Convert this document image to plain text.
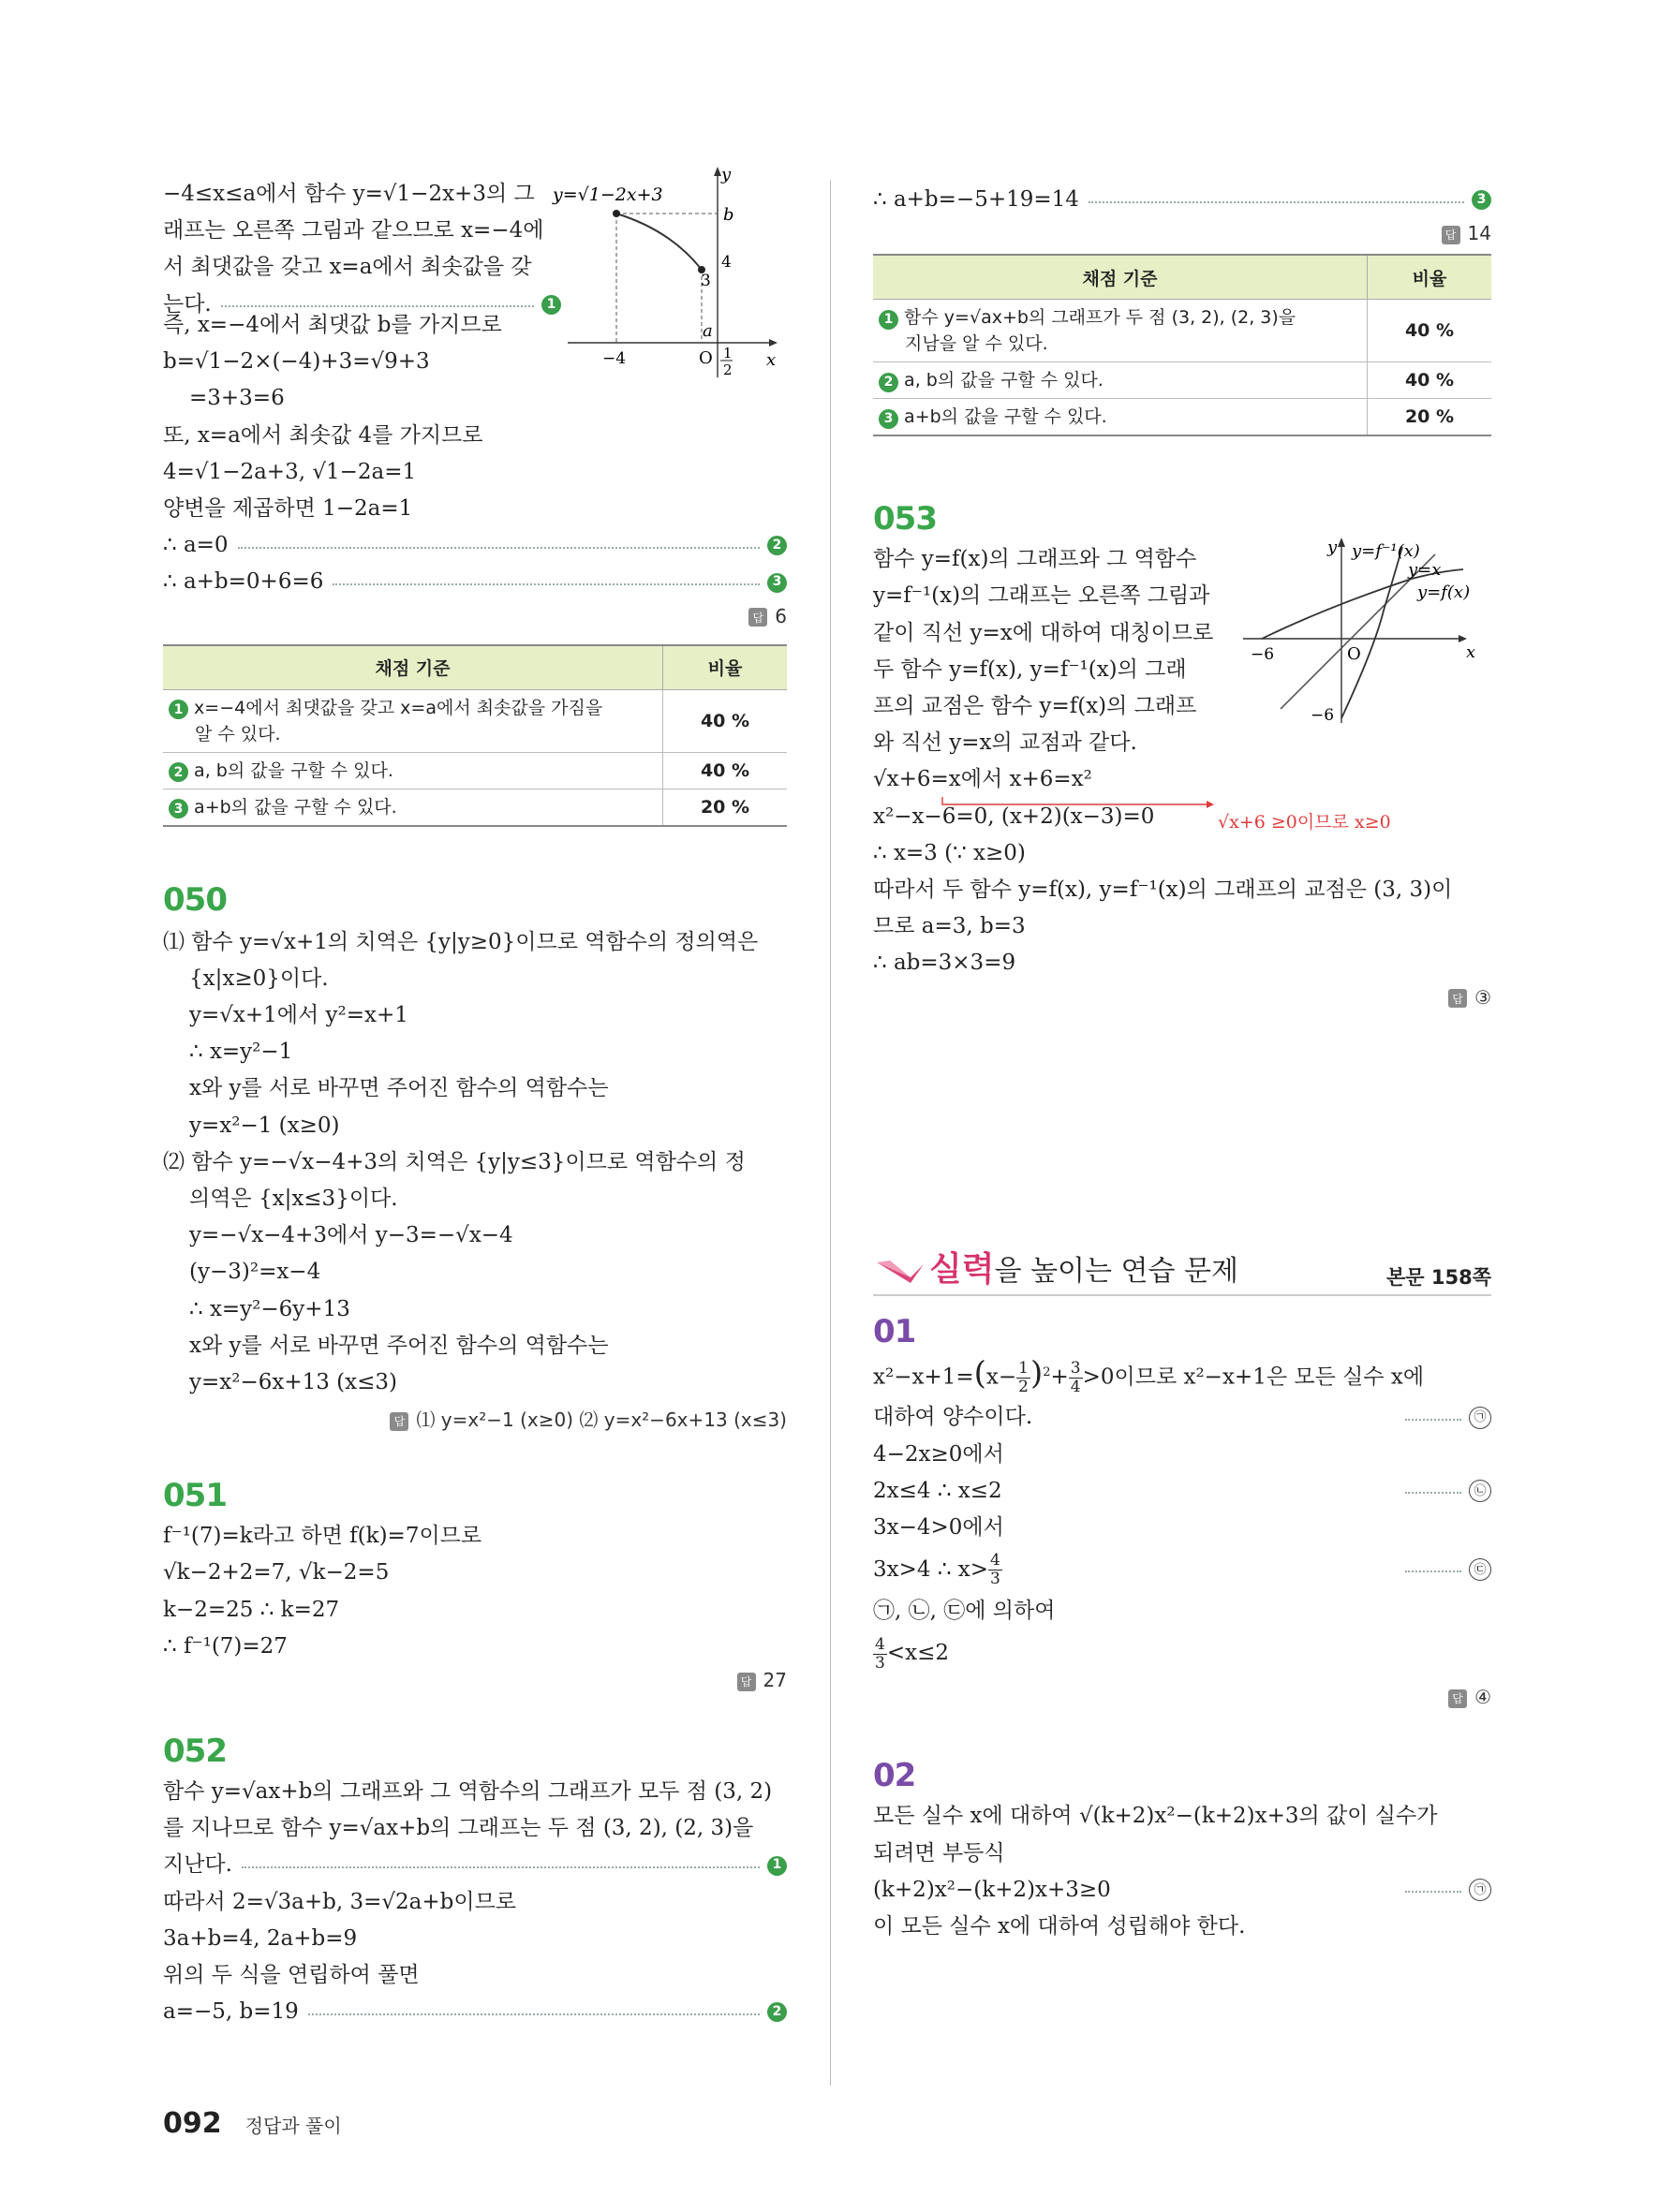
−4≤x≤a에서 함수 y=√1−2x+3의 그
래프는 오른쪽 그림과 같으므로 x=−4에
서 최댓값을 갖고 x=a에서 최솟값을 갖
는다.	1
y=√1−2x+3
y
b
4
3
a
x
−4	O 1
2
즉, x=−4에서 최댓값 b를 가지므로
b=√1−2×(−4)+3=√9+3
=3+3=6
또, x=a에서 최솟값 4를 가지므로
4=√1−2a+3, √1−2a=1
양변을 제곱하면 1−2a=1
∴ a=0	2
∴ a+b=0+6=6	3
답 6
채점 기준	비율
1 x=−4에서 최댓값을 갖고 x=a에서 최솟값을 가짐을
알 수 있다.	40 %
2 a, b의 값을 구할 수 있다.	40 %
3 a+b의 값을 구할 수 있다.	20 %
050
⑴ 함수 y=√x+1의 치역은 {y|y≥0}이므로 역함수의 정의역은
{x|x≥0}이다.
y=√x+1에서 y²=x+1
∴ x=y²−1
x와 y를 서로 바꾸면 주어진 함수의 역함수는
y=x²−1 (x≥0)
⑵ 함수 y=−√x−4+3의 치역은 {y|y≤3}이므로 역함수의 정
의역은 {x|x≤3}이다.
y=−√x−4+3에서 y−3=−√x−4
(y−3)²=x−4
∴ x=y²−6y+13
x와 y를 서로 바꾸면 주어진 함수의 역함수는
y=x²−6x+13 (x≤3)
답 ⑴ y=x²−1 (x≥0) ⑵ y=x²−6x+13 (x≤3)
051
f⁻¹(7)=k라고 하면 f(k)=7이므로
√k−2+2=7, √k−2=5
k−2=25 ∴ k=27
∴ f⁻¹(7)=27
답 27
052
함수 y=√ax+b의 그래프와 그 역함수의 그래프가 모두 점 (3, 2)
를 지나므로 함수 y=√ax+b의 그래프는 두 점 (3, 2), (2, 3)을
지난다.	1
따라서 2=√3a+b, 3=√2a+b이므로
3a+b=4, 2a+b=9
위의 두 식을 연립하여 풀면
a=−5, b=19	2
∴ a+b=−5+19=14	3
답 14
채점 기준	비율
1 함수 y=√ax+b의 그래프가 두 점 (3, 2), (2, 3)을
지남을 알 수 있다.	40 %
2 a, b의 값을 구할 수 있다.	40 %
3 a+b의 값을 구할 수 있다.	20 %
053
함수 y=f(x)의 그래프와 그 역함수
y=f⁻¹(x)의 그래프는 오른쪽 그림과
같이 직선 y=x에 대하여 대칭이므로
두 함수 y=f(x), y=f⁻¹(x)의 그래
프의 교점은 함수 y=f(x)의 그래프
와 직선 y=x의 교점과 같다.
√x+6=x에서 x+6=x²
x²−x−6=0, (x+2)(x−3)=0	√x+6 ≥0이므로 x≥0
∴ x=3 (∵ x≥0)
따라서 두 함수 y=f(x), y=f⁻¹(x)의 그래프의 교점은 (3, 3)이
므로 a=3, b=3
∴ ab=3×3=9
답 ③
y=f⁻¹(x)
y=x
y=f(x)
y
x
−6	O
−6
실력을 높이는 연습 문제	본문 158쪽
01
$x^2-x+1=(x- \frac{1}{2} )^2+ \frac{3}{4} >0$이므로 x²−x+1은 모든 실수 x에
대하여 양수이다.	㉠
4−2x≥0에서
2x≤4 ∴ x≤2	㉡
3x−4>0에서
3x>4 ∴ $x> \frac{4}{3}$	㉢
㉠, ㉡, ㉢에 의하여
$\frac{4}{3} <x\le 2$
답 ④
02
모든 실수 x에 대하여 √(k+2)x²−(k+2)x+3의 값이 실수가
되려면 부등식
(k+2)x²−(k+2)x+3≥0	㉠
이 모든 실수 x에 대하여 성립해야 한다.
092 정답과 풀이
